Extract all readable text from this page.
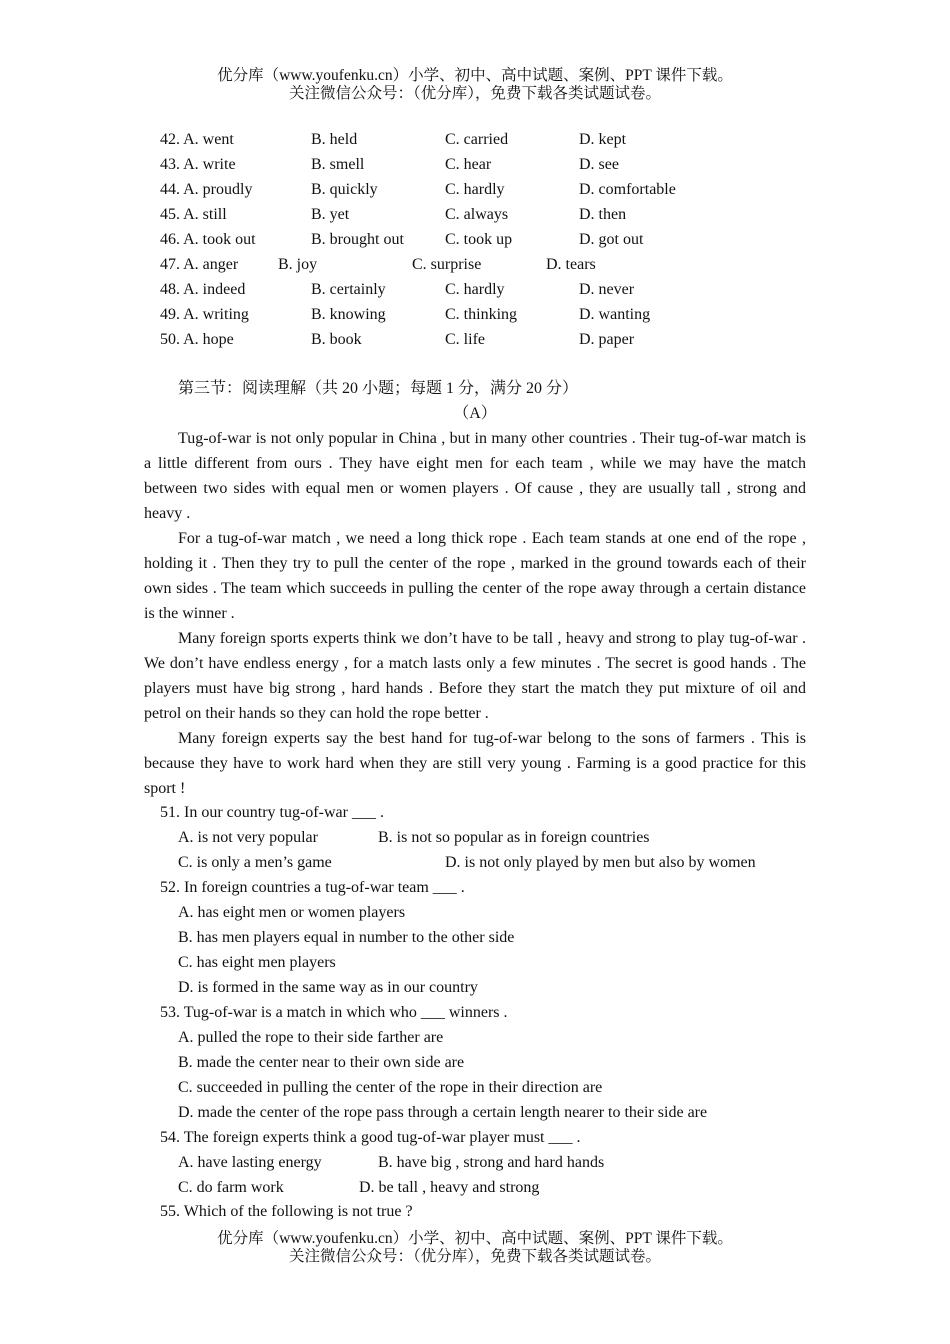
优分库（www.youfenku.cn）小学、初中、高中试题、案例、PPT 课件下载。
关注微信公众号：（优分库），免费下载各类试题试卷。
42. A. went	B. held	C. carried	D. kept
43. A. write	B. smell	C. hear	D. see
44. A. proudly	B. quickly	C. hardly	D. comfortable
45. A. still	B. yet	C. always	D. then
46. A. took out	B. brought out	C. took up	D. got out
47. A. anger B. joy	C. surprise	D. tears
48. A. indeed	B. certainly	C. hardly	D. never
49. A. writing	B. knowing	C. thinking	D. wanting
50. A. hope	B. book	C. life	D. paper
第三节：阅读理解（共 20 小题；每题 1 分，满分 20 分）
（A）

Tug-of-war is not only popular in China , but in many other countries . Their tug-of-war match is a little different from ours . They have eight men for each team , while we may have the match between two sides with equal men or women players . Of cause , they are usually tall , strong and heavy .

For a tug-of-war match , we need a long thick rope . Each team stands at one end of the rope , holding it . Then they try to pull the center of the rope , marked in the ground towards each of their own sides . The team which succeeds in pulling the center of the rope away through a certain distance is the winner .

Many foreign sports experts think we don’t have to be tall , heavy and strong to play tug-of-war . We don’t have endless energy , for a match lasts only a few minutes . The secret is good hands . The players must have big strong , hard hands . Before they start the match they put mixture of oil and petrol on their hands so they can hold the rope better .

Many foreign experts say the best hand for tug-of-war belong to the sons of farmers . This is because they have to work hard when they are still very young . Farming is a good practice for this sport !

51. In our country tug-of-war ___ .
A. is not very popular	B. is not so popular as in foreign countries
C. is only a men’s game	D. is not only played by men but also by women
52. In foreign countries a tug-of-war team ___ .
A. has eight men or women players
B. has men players equal in number to the other side
C. has eight men players
D. is formed in the same way as in our country
53. Tug-of-war is a match in which who ___ winners .
A. pulled the rope to their side farther are
B. made the center near to their own side are
C. succeeded in pulling the center of the rope in their direction are
D. made the center of the rope pass through a certain length nearer to their side are
54. The foreign experts think a good tug-of-war player must ___ .
A. have lasting energy	B. have big , strong and hard hands
C. do farm work	D. be tall , heavy and strong
55. Which of the following is not true ?
优分库（www.youfenku.cn）小学、初中、高中试题、案例、PPT 课件下载。
关注微信公众号：（优分库），免费下载各类试题试卷。
